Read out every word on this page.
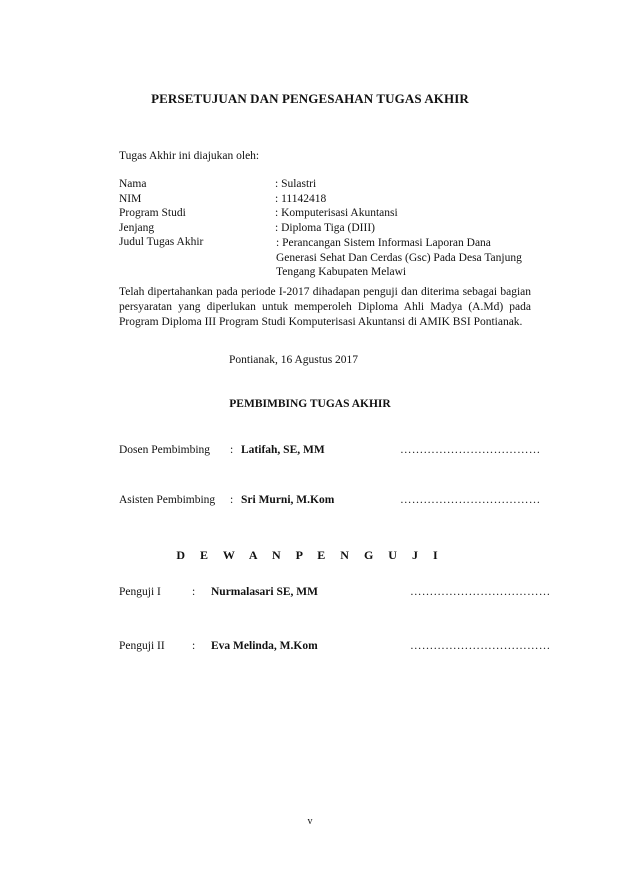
PERSETUJUAN DAN PENGESAHAN TUGAS AKHIR
Tugas Akhir ini diajukan oleh:
Nama	: Sulastri
NIM	: 11142418
Program Studi	: Komputerisasi Akuntansi
Jenjang	: Diploma Tiga (DIII)
Judul Tugas Akhir	: Perancangan Sistem Informasi Laporan Dana Generasi Sehat Dan Cerdas (Gsc) Pada Desa Tanjung Tengang Kabupaten Melawi
Telah dipertahankan pada periode I-2017 dihadapan penguji dan diterima sebagai bagian persyaratan yang diperlukan untuk memperoleh Diploma Ahli Madya (A.Md) pada Program Diploma III Program Studi Komputerisasi Akuntansi di AMIK BSI Pontianak.
Pontianak, 16 Agustus 2017
PEMBIMBING TUGAS AKHIR
Dosen Pembimbing : Latifah, SE, MM	………………………………
Asisten Pembimbing : Sri Murni, M.Kom	………………………………
D E W A N P E N G U J I
Penguji I	: Nurmalasari SE, MM	………………………………
Penguji II : Eva Melinda, M.Kom	………………………………
v
